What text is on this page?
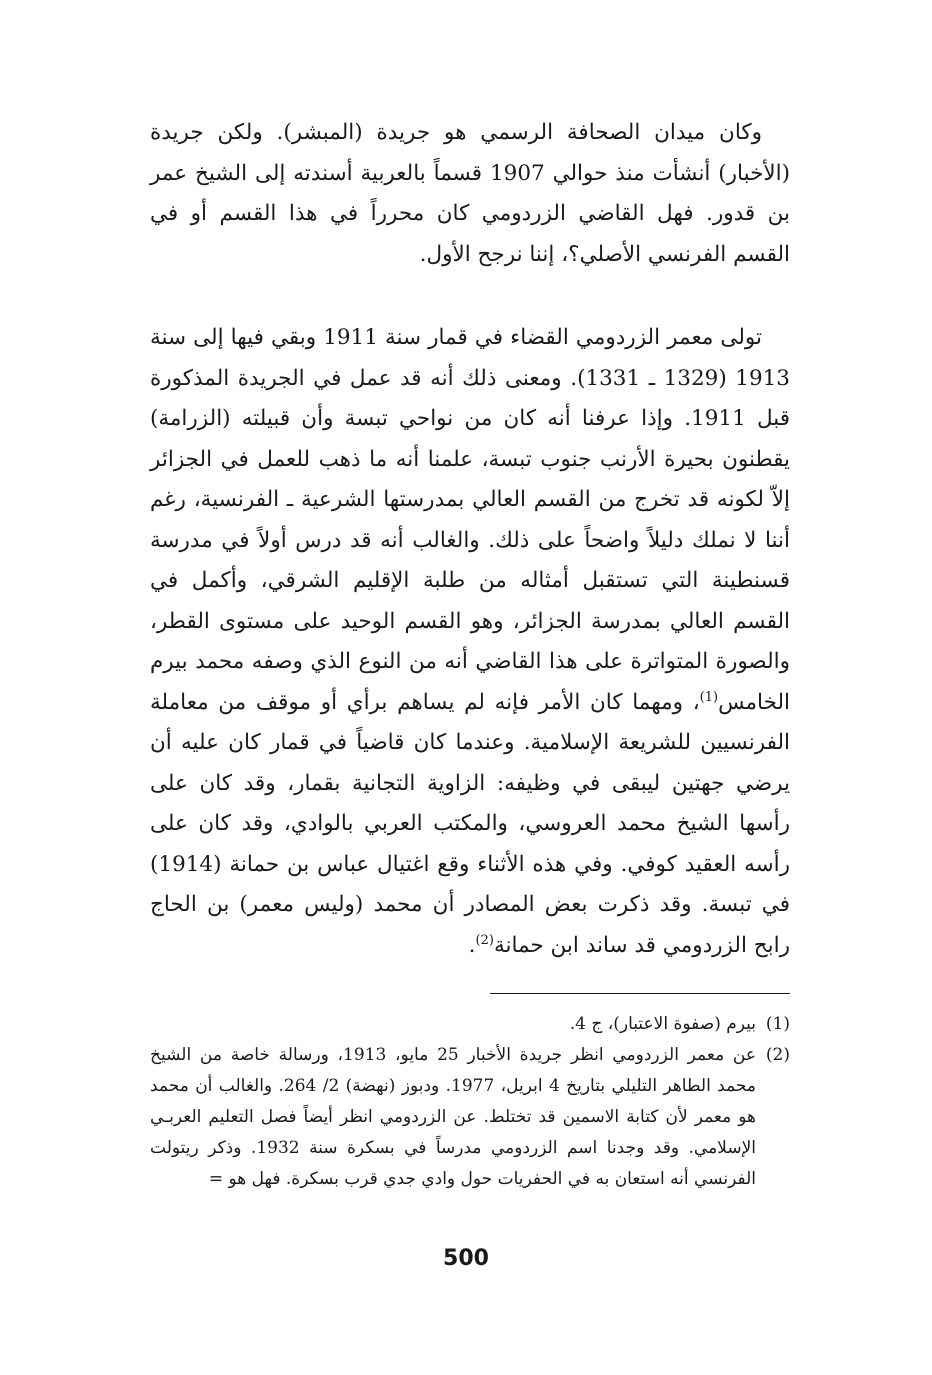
وكان ميدان الصحافة الرسمي هو جريدة (المبشر). ولكن جريدة (الأخبار) أنشأت منذ حوالي 1907 قسماً بالعربية أسندته إلى الشيخ عمر بن قدور. فهل القاضي الزردومي كان محرراً في هذا القسم أو في القسم الفرنسي الأصلي؟، إننا نرجح الأول.

تولى معمر الزردومي القضاء في قمار سنة 1911 وبقي فيها إلى سنة 1913 (1329 ـ 1331). ومعنى ذلك أنه قد عمل في الجريدة المذكورة قبل 1911. وإذا عرفنا أنه كان من نواحي تبسة وأن قبيلته (الزرامة) يقطنون بحيرة الأرنب جنوب تبسة، علمنا أنه ما ذهب للعمل في الجزائر إلاّ لكونه قد تخرج من القسم العالي بمدرستها الشرعية ـ الفرنسية، رغم أننا لا نملك دليلاً واضحاً على ذلك. والغالب أنه قد درس أولاً في مدرسة قسنطينة التي تستقبل أمثاله من طلبة الإقليم الشرقي، وأكمل في القسم العالي بمدرسة الجزائر، وهو القسم الوحيد على مستوى القطر، والصورة المتواترة على هذا القاضي أنه من النوع الذي وصفه محمد بيرم الخامس$^{(1)}$، ومهما كان الأمر فإنه لم يساهم برأي أو موقف من معاملة الفرنسيين للشريعة الإسلامية. وعندما كان قاضياً في قمار كان عليه أن يرضي جهتين ليبقى في وظيفه: الزاوية التجانية بقمار، وقد كان على رأسها الشيخ محمد العروسي، والمكتب العربي بالوادي، وقد كان على رأسه العقيد كوفي. وفي هذه الأثناء وقع اغتيال عباس بن حمانة (1914) في تبسة. وقد ذكرت بعض المصادر أن محمد (وليس معمر) بن الحاج رابح الزردومي قد ساند ابن حمانة$^{(2)}$.

(1)
بيرم (صفوة الاعتبار)، ج 4.
(2)
عن معمر الزردومي انظر جريدة الأخبار 25 مايو، 1913، ورسالة خاصة من الشيخ محمد الطاهر التليلي بتاريخ 4 ابريل، 1977. ودبوز (نهضة) 2/ 264. والغالب أن محمد هو معمر لأن كتابة الاسمين قد تختلط. عن الزردومي انظر أيضاً فصل التعليم العربـي الإسلامي. وقد وجدنا اسم الزردومي مدرساً في بسكرة سنة 1932. وذكر ريتولت الفرنسي أنه استعان به في الحفريات حول وادي جدي قرب بسكرة. فهل هو =
500
